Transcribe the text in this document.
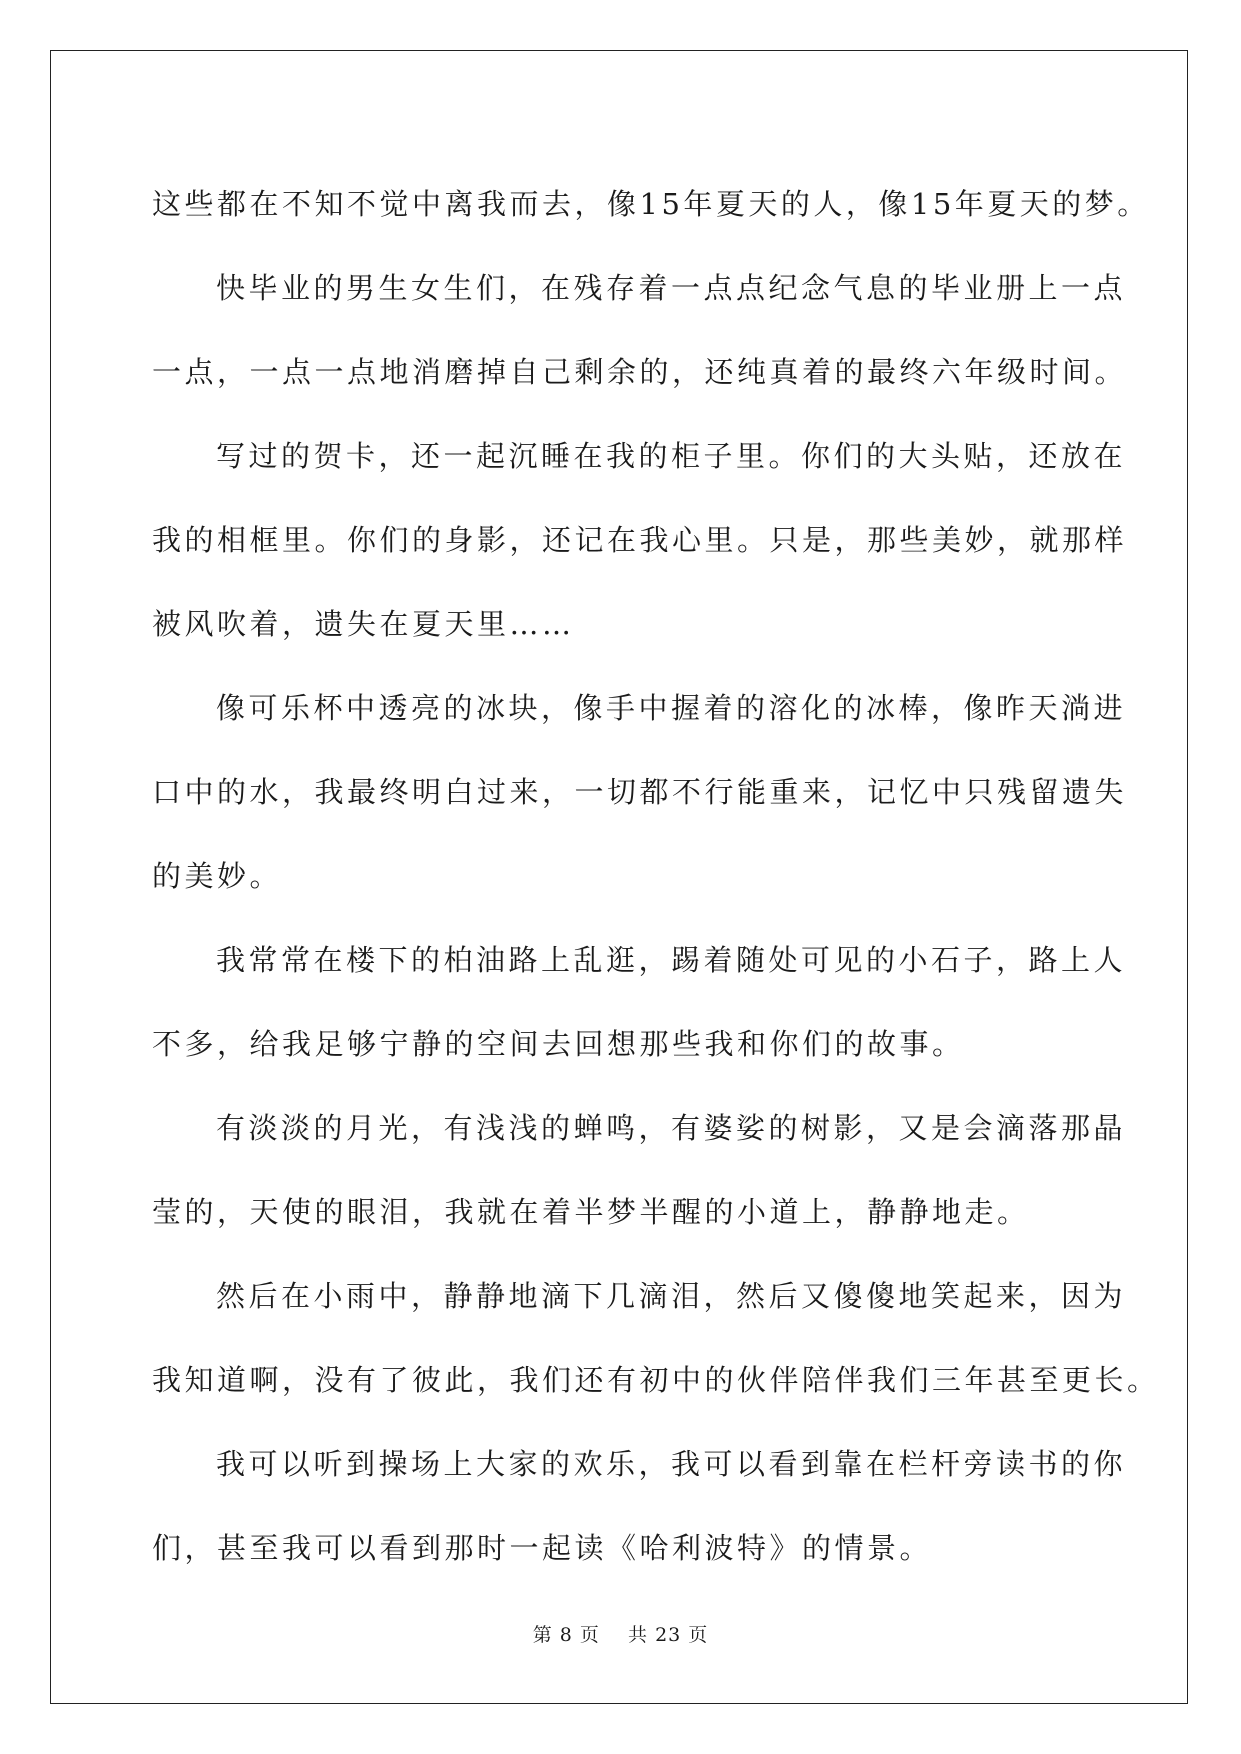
这些都在不知不觉中离我而去，像15年夏天的人，像15年夏天的梦。
快毕业的男生女生们，在残存着一点点纪念气息的毕业册上一点
一点，一点一点地消磨掉自己剩余的，还纯真着的最终六年级时间。
写过的贺卡，还一起沉睡在我的柜子里。你们的大头贴，还放在
我的相框里。你们的身影，还记在我心里。只是，那些美妙，就那样
被风吹着，遗失在夏天里……
像可乐杯中透亮的冰块，像手中握着的溶化的冰棒，像昨天淌进
口中的水，我最终明白过来，一切都不行能重来，记忆中只残留遗失
的美妙。
我常常在楼下的柏油路上乱逛，踢着随处可见的小石子，路上人
不多，给我足够宁静的空间去回想那些我和你们的故事。
有淡淡的月光，有浅浅的蝉鸣，有婆娑的树影，又是会滴落那晶
莹的，天使的眼泪，我就在着半梦半醒的小道上，静静地走。
然后在小雨中，静静地滴下几滴泪，然后又傻傻地笑起来，因为
我知道啊，没有了彼此，我们还有初中的伙伴陪伴我们三年甚至更长。
我可以听到操场上大家的欢乐，我可以看到靠在栏杆旁读书的你
们，甚至我可以看到那时一起读《哈利波特》的情景。
第 8 页    共 23 页
